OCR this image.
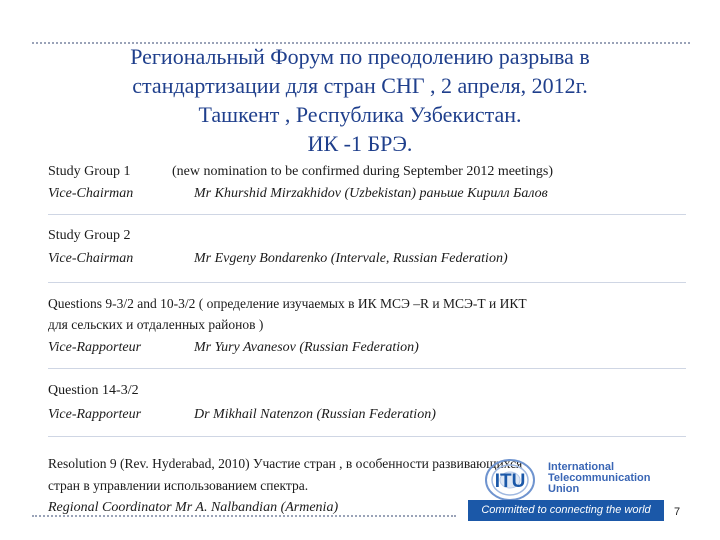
Региональный Форум по преодолению разрыва в
стандартизации для стран СНГ , 2 апреля, 2012г.
Ташкент , Республика Узбекистан.
ИК -1 БРЭ.
Study Group 1	(new nomination to be confirmed during September 2012 meetings)
Vice-Chairman	Mr Khurshid Mirzakhidov (Uzbekistan) раньше Кирилл Балов
Study Group 2
Vice-Chairman	Mr Evgeny Bondarenko (Intervale, Russian Federation)
Questions 9-3/2 and 10-3/2 ( определение изучаемых в ИК МСЭ –R и МСЭ-Т и ИКТ
для сельских и отдаленных районов )
Vice-Rapporteur	Mr Yury Avanesov (Russian Federation)
Question 14-3/2
Vice-Rapporteur	Dr Mikhail Natenzon (Russian Federation)
Resolution 9 (Rev. Hyderabad, 2010) Участие стран , в особенности развивающихся
стран в управлении использованием спектра.
Regional Coordinator Mr A. Nalbandian (Armenia)
ITU
International
Telecommunication
Union
Committed to connecting the world	7
